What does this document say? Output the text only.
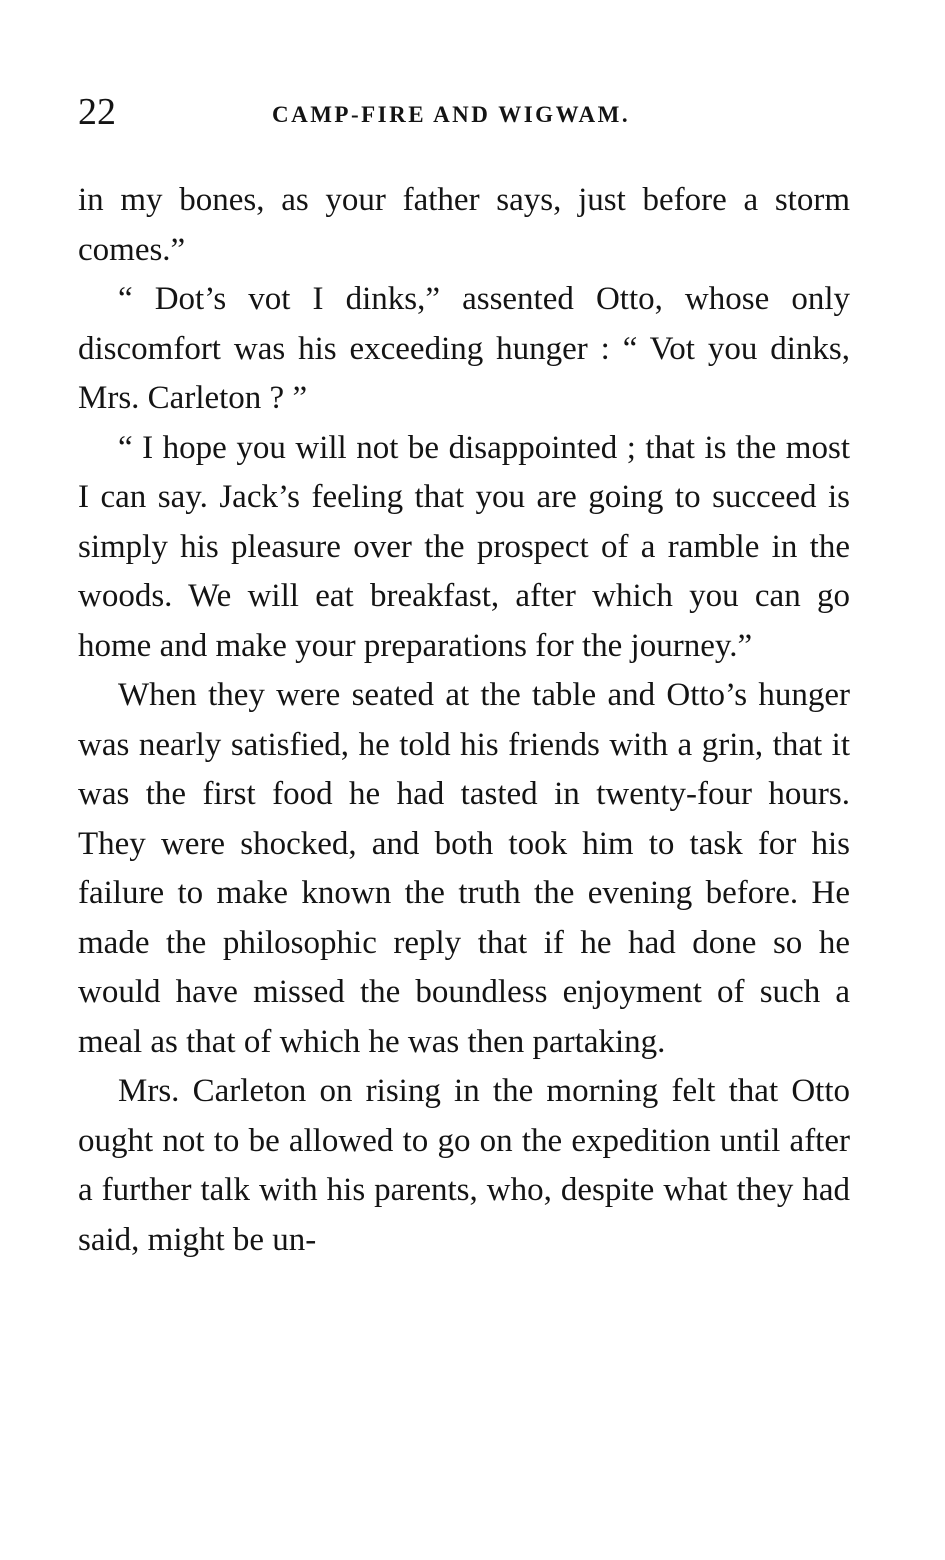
22	CAMP-FIRE AND WIGWAM.

in my bones, as your father says, just before a storm comes.”

“ Dot’s vot I dinks,” assented Otto, whose only discomfort was his exceeding hunger : “ Vot you dinks, Mrs. Carleton ? ”

“ I hope you will not be disappointed ; that is the most I can say. Jack’s feeling that you are going to succeed is simply his pleasure over the prospect of a ramble in the woods. We will eat breakfast, after which you can go home and make your preparations for the journey.”

When they were seated at the table and Otto’s hunger was nearly satisfied, he told his friends with a grin, that it was the first food he had tasted in twenty-four hours. They were shocked, and both took him to task for his failure to make known the truth the evening before. He made the philosophic reply that if he had done so he would have missed the boundless enjoyment of such a meal as that of which he was then partaking.

Mrs. Carleton on rising in the morning felt that Otto ought not to be allowed to go on the expedition until after a further talk with his parents, who, despite what they had said, might be un-
